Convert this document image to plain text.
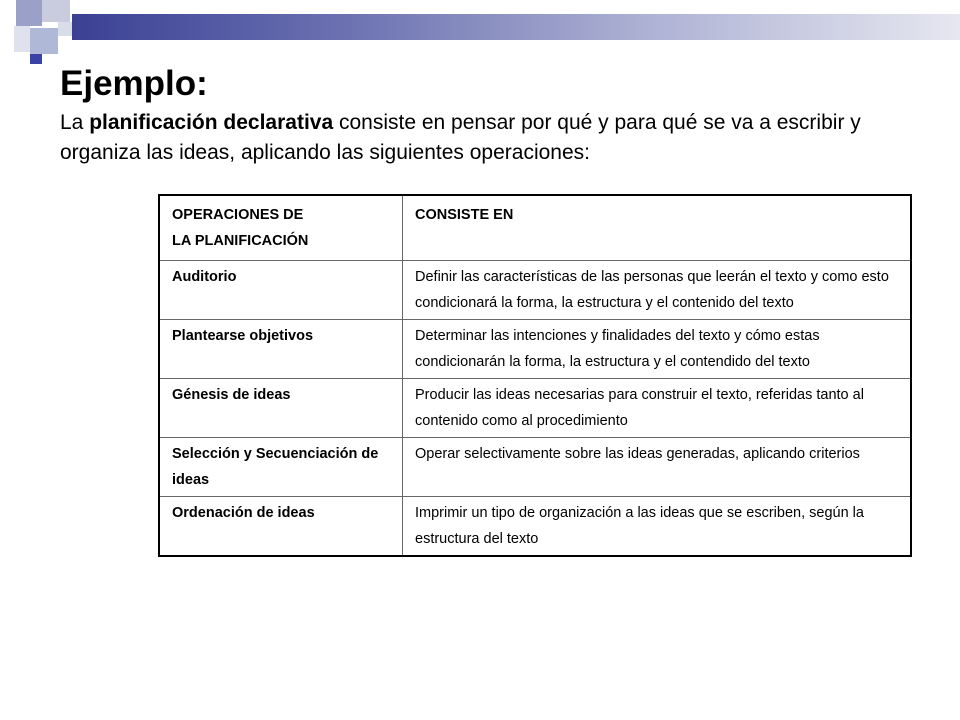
Ejemplo:

La planificación declarativa consiste en pensar por qué y para qué se va a escribir y organiza las ideas, aplicando las siguientes operaciones:

OPERACIONES DE
LA PLANIFICACIÓN	CONSISTE EN
Auditorio	Definir las características de las personas que leerán el texto y como esto condicionará la forma, la estructura y el contenido del texto
Plantearse objetivos	Determinar las intenciones y finalidades del texto y cómo estas condicionarán la forma, la estructura y el contendido del texto
Génesis de ideas	Producir las ideas necesarias para construir el texto, referidas tanto al contenido como al procedimiento
Selección y Secuenciación de ideas	Operar selectivamente sobre las ideas generadas, aplicando criterios
Ordenación de ideas	Imprimir un tipo de organización a las ideas que se escriben, según la estructura del texto
